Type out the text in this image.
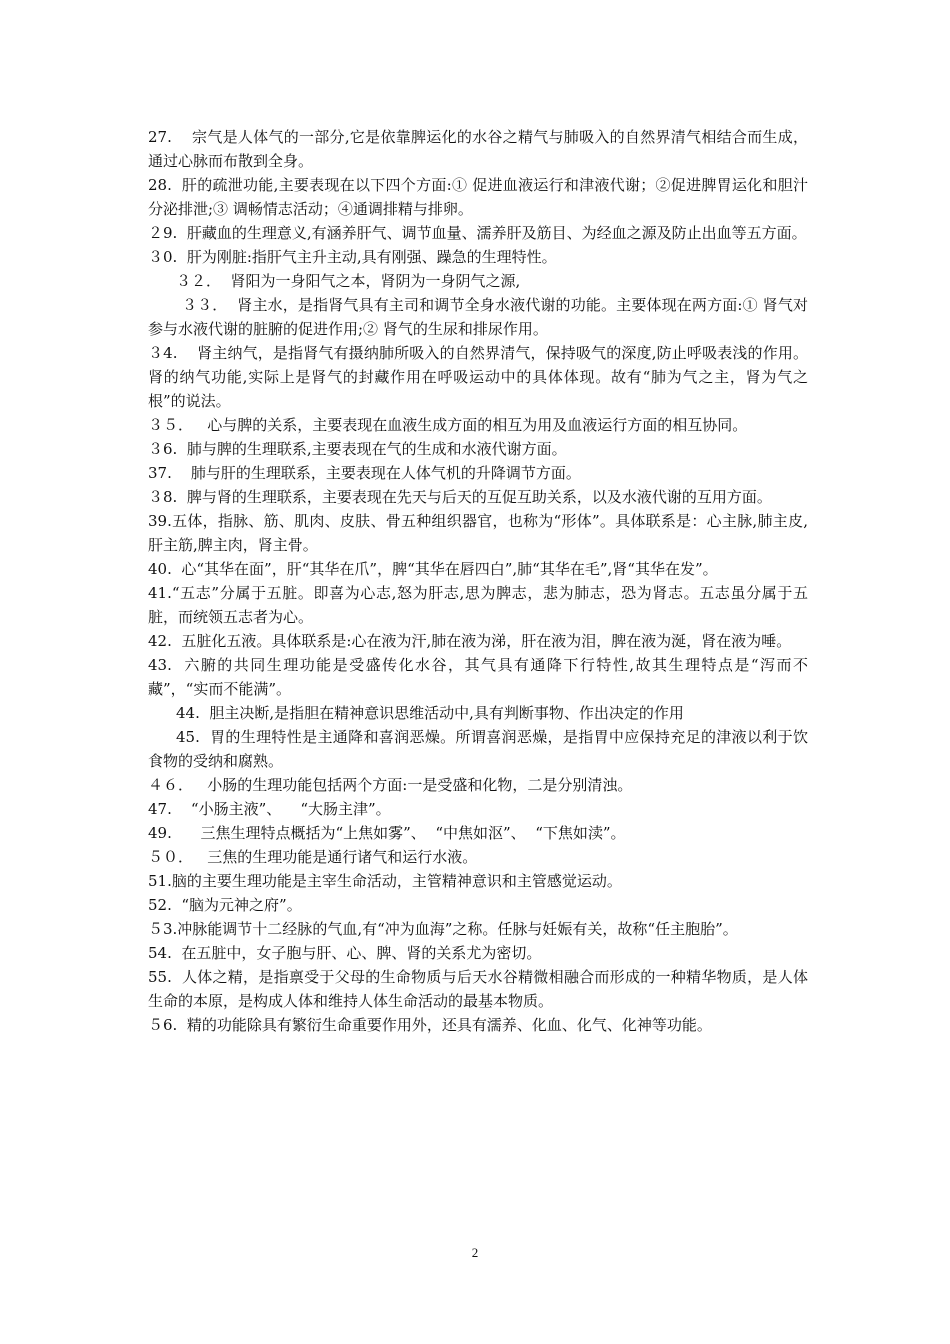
27.    宗气是人体气的一部分,它是依靠脾运化的水谷之精气与肺吸入的自然界清气相结合而生成，通过心脉而布散到全身。

28.  肝的疏泄功能,主要表现在以下四个方面:① 促进血液运行和津液代谢；②促进脾胃运化和胆汁分泌排泄;③ 调畅情志活动；④通调排精与排卵。

２9.  肝藏血的生理意义,有涵养肝气、调节血量、濡养肝及筋目、为经血之源及防止出血等五方面。

３0.  肝为刚脏:指肝气主升主动,具有刚强、躁急的生理特性。

３２．  肾阳为一身阳气之本，肾阴为一身阴气之源,

３３．  肾主水，是指肾气具有主司和调节全身水液代谢的功能。主要体现在两方面:① 肾气对参与水液代谢的脏腑的促进作用;② 肾气的生尿和排尿作用。

３4.    肾主纳气，是指肾气有摄纳肺所吸入的自然界清气，保持吸气的深度,防止呼吸表浅的作用。肾的纳气功能,实际上是肾气的封藏作用在呼吸运动中的具体体现。故有“肺为气之主，肾为气之根”的说法。

３５．   心与脾的关系，主要表现在血液生成方面的相互为用及血液运行方面的相互协同。

３6.  肺与脾的生理联系,主要表现在气的生成和水液代谢方面。

37.    肺与肝的生理联系，主要表现在人体气机的升降调节方面。

３8.  脾与肾的生理联系，主要表现在先天与后天的互促互助关系，以及水液代谢的互用方面。

39.五体，指脉、筋、肌肉、皮肤、骨五种组织器官，也称为“形体”。具体联系是：心主脉,肺主皮,肝主筋,脾主肉，肾主骨。

40.  心“其华在面”，肝“其华在爪”，脾“其华在唇四白”,肺“其华在毛”,肾“其华在发”。

41.“五志”分属于五脏。即喜为心志,怒为肝志,思为脾志，悲为肺志，恐为肾志。五志虽分属于五脏，而统领五志者为心。

42.  五脏化五液。具体联系是:心在液为汗,肺在液为涕，肝在液为泪，脾在液为涎，肾在液为唾。

43.  六腑的共同生理功能是受盛传化水谷，其气具有通降下行特性,故其生理特点是“泻而不藏”，“实而不能满”。

44.  胆主决断,是指胆在精神意识思维活动中,具有判断事物、作出决定的作用

45.  胃的生理特性是主通降和喜润恶燥。所谓喜润恶燥，是指胃中应保持充足的津液以利于饮食物的受纳和腐熟。

４６．   小肠的生理功能包括两个方面:一是受盛和化物，二是分别清浊。

47.    “小肠主液”、    “大肠主津”。

49.      三焦生理特点概括为“上焦如雾”、  “中焦如沤”、  “下焦如渎”。

５０．   三焦的生理功能是通行诸气和运行水液。

51.脑的主要生理功能是主宰生命活动，主管精神意识和主管感觉运动。

52.  “脑为元神之府”。

５3.冲脉能调节十二经脉的气血,有“冲为血海”之称。任脉与妊娠有关，故称“任主胞胎”。

54.  在五脏中，女子胞与肝、心、脾、肾的关系尤为密切。

55.  人体之精，是指禀受于父母的生命物质与后天水谷精微相融合而形成的一种精华物质，是人体生命的本原，是构成人体和维持人体生命活动的最基本物质。

５6.  精的功能除具有繁衍生命重要作用外，还具有濡养、化血、化气、化神等功能。

2
